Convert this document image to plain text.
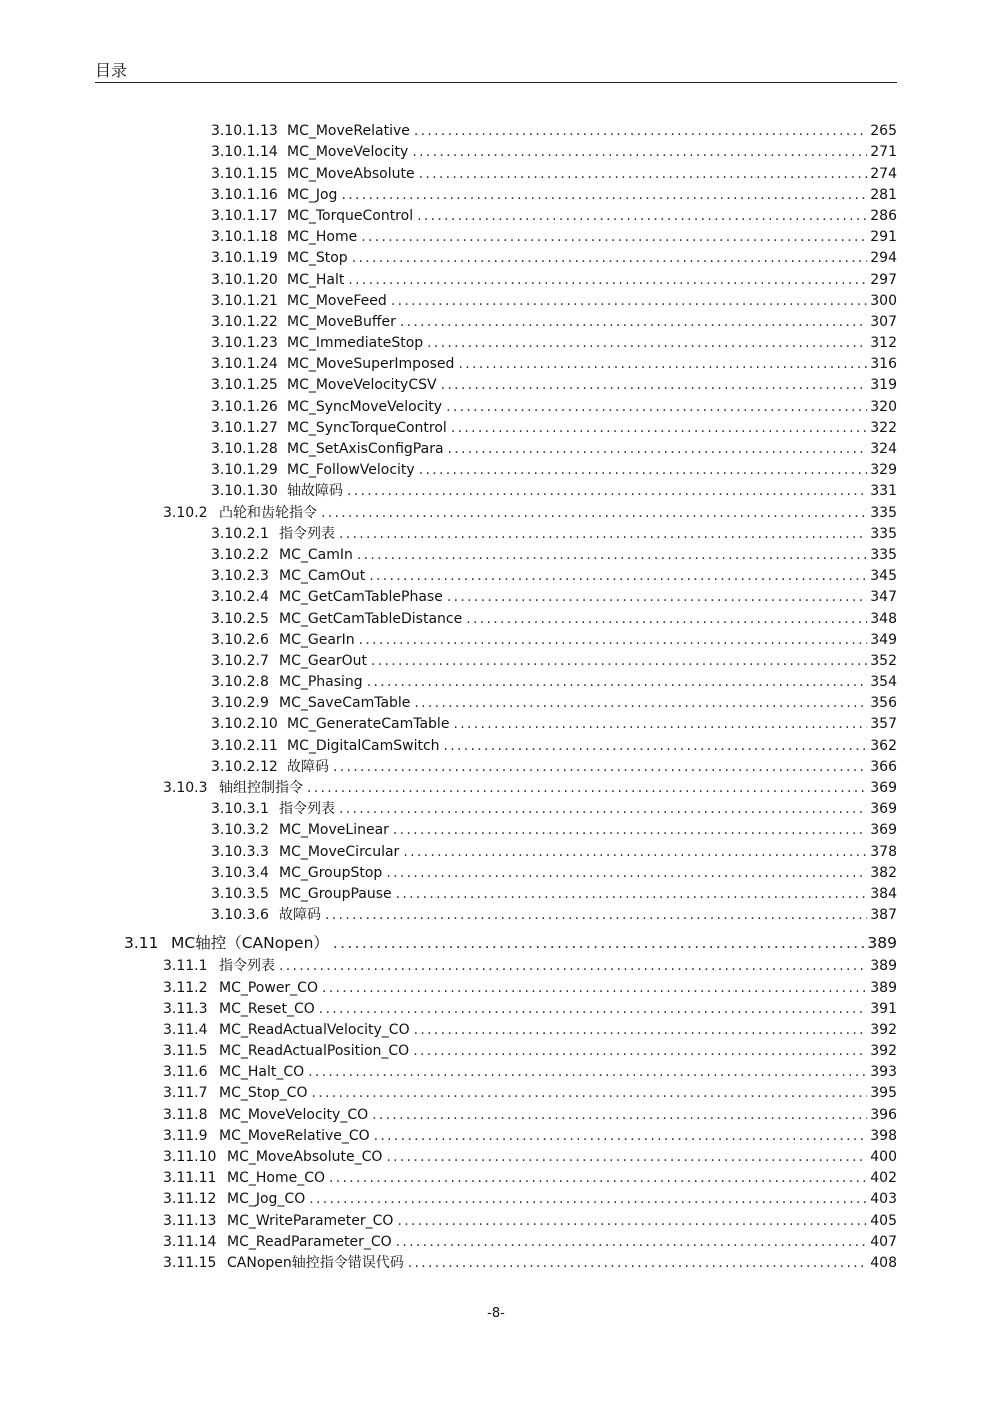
目录
3.10.1.13 MC_MoveRelative .....	265
3.10.1.14 MC_MoveVelocity .....	271
3.10.1.15 MC_MoveAbsolute .....	274
3.10.1.16 MC_Jog .....	281
3.10.1.17 MC_TorqueControl .....	286
3.10.1.18 MC_Home .....	291
3.10.1.19 MC_Stop .....	294
3.10.1.20 MC_Halt .....	297
3.10.1.21 MC_MoveFeed .....	300
3.10.1.22 MC_MoveBuffer .....	307
3.10.1.23 MC_ImmediateStop .....	312
3.10.1.24 MC_MoveSuperImposed .....	316
3.10.1.25 MC_MoveVelocityCSV .....	319
3.10.1.26 MC_SyncMoveVelocity .....	320
3.10.1.27 MC_SyncTorqueControl .....	322
3.10.1.28 MC_SetAxisConfigPara .....	324
3.10.1.29 MC_FollowVelocity .....	329
3.10.1.30 轴故障码 .....	331
3.10.2 凸轮和齿轮指令 .....	335
3.10.2.1 指令列表 .....	335
3.10.2.2 MC_CamIn .....	335
3.10.2.3 MC_CamOut .....	345
3.10.2.4 MC_GetCamTablePhase .....	347
3.10.2.5 MC_GetCamTableDistance .....	348
3.10.2.6 MC_GearIn .....	349
3.10.2.7 MC_GearOut .....	352
3.10.2.8 MC_Phasing .....	354
3.10.2.9 MC_SaveCamTable .....	356
3.10.2.10 MC_GenerateCamTable .....	357
3.10.2.11 MC_DigitalCamSwitch .....	362
3.10.2.12 故障码 .....	366
3.10.3 轴组控制指令 .....	369
3.10.3.1 指令列表 .....	369
3.10.3.2 MC_MoveLinear .....	369
3.10.3.3 MC_MoveCircular .....	378
3.10.3.4 MC_GroupStop .....	382
3.10.3.5 MC_GroupPause .....	384
3.10.3.6 故障码 .....	387
3.11 MC轴控（CANopen） .....	389
3.11.1 指令列表 .....	389
3.11.2 MC_Power_CO .....	389
3.11.3 MC_Reset_CO .....	391
3.11.4 MC_ReadActualVelocity_CO .....	392
3.11.5 MC_ReadActualPosition_CO .....	392
3.11.6 MC_Halt_CO .....	393
3.11.7 MC_Stop_CO .....	395
3.11.8 MC_MoveVelocity_CO .....	396
3.11.9 MC_MoveRelative_CO .....	398
3.11.10 MC_MoveAbsolute_CO .....	400
3.11.11 MC_Home_CO .....	402
3.11.12 MC_Jog_CO .....	403
3.11.13 MC_WriteParameter_CO .....	405
3.11.14 MC_ReadParameter_CO .....	407
3.11.15 CANopen轴控指令错误代码 .....	408
-8-
